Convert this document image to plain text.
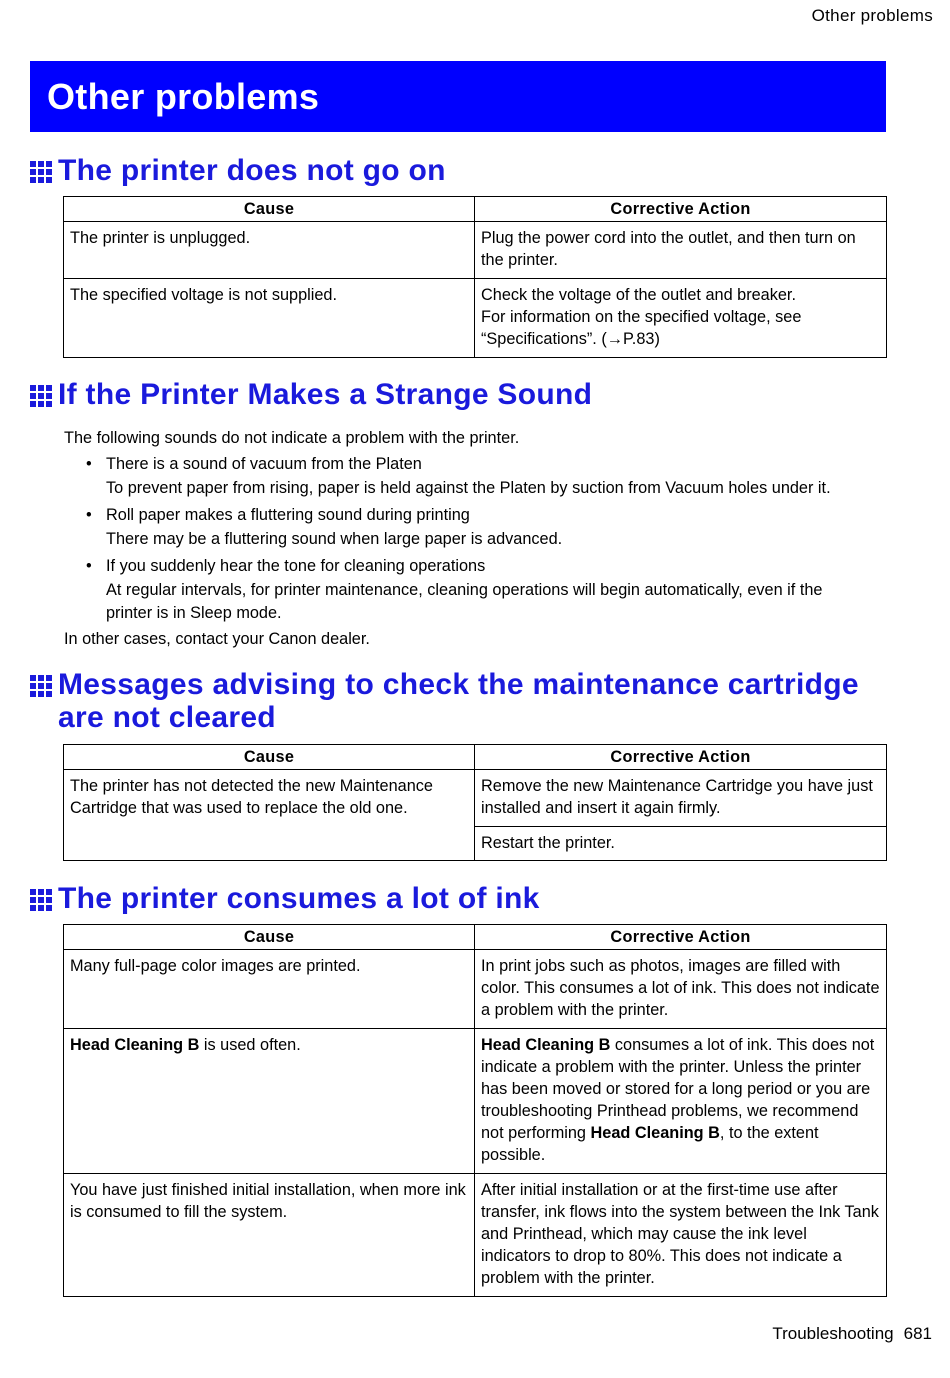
Other problems
Other problems
The printer does not go on
Cause	Corrective Action
The printer is unplugged.	Plug the power cord into the outlet, and then turn on the printer.
The specified voltage is not supplied.	Check the voltage of the outlet and breaker.
For information on the specified voltage, see “Specifications”. (→P.83)
If the Printer Makes a Strange Sound

The following sounds do not indicate a problem with the printer.

• There is a sound of vacuum from the Platen
To prevent paper from rising, paper is held against the Platen by suction from Vacuum holes under it.
• Roll paper makes a fluttering sound during printing
There may be a fluttering sound when large paper is advanced.
• If you suddenly hear the tone for cleaning operations
At regular intervals, for printer maintenance, cleaning operations will begin automatically, even if the printer is in Sleep mode.

In other cases, contact your Canon dealer.

Messages advising to check the maintenance cartridge
are not cleared
Cause	Corrective Action
The printer has not detected the new Maintenance Cartridge that was used to replace the old one.	Remove the new Maintenance Cartridge you have just installed and insert it again firmly.
	Restart the printer.
The printer consumes a lot of ink
Cause	Corrective Action
Many full-page color images are printed.	In print jobs such as photos, images are filled with color. This consumes a lot of ink. This does not indicate a problem with the printer.
Head Cleaning B is used often.	Head Cleaning B consumes a lot of ink. This does not indicate a problem with the printer. Unless the printer has been moved or stored for a long period or you are troubleshooting Printhead problems, we recommend not performing Head Cleaning B, to the extent possible.
You have just finished initial installation, when more ink is consumed to fill the system.	After initial installation or at the first-time use after transfer, ink flows into the system between the Ink Tank and Printhead, which may cause the ink level indicators to drop to 80%. This does not indicate a problem with the printer.
Troubleshooting 681
